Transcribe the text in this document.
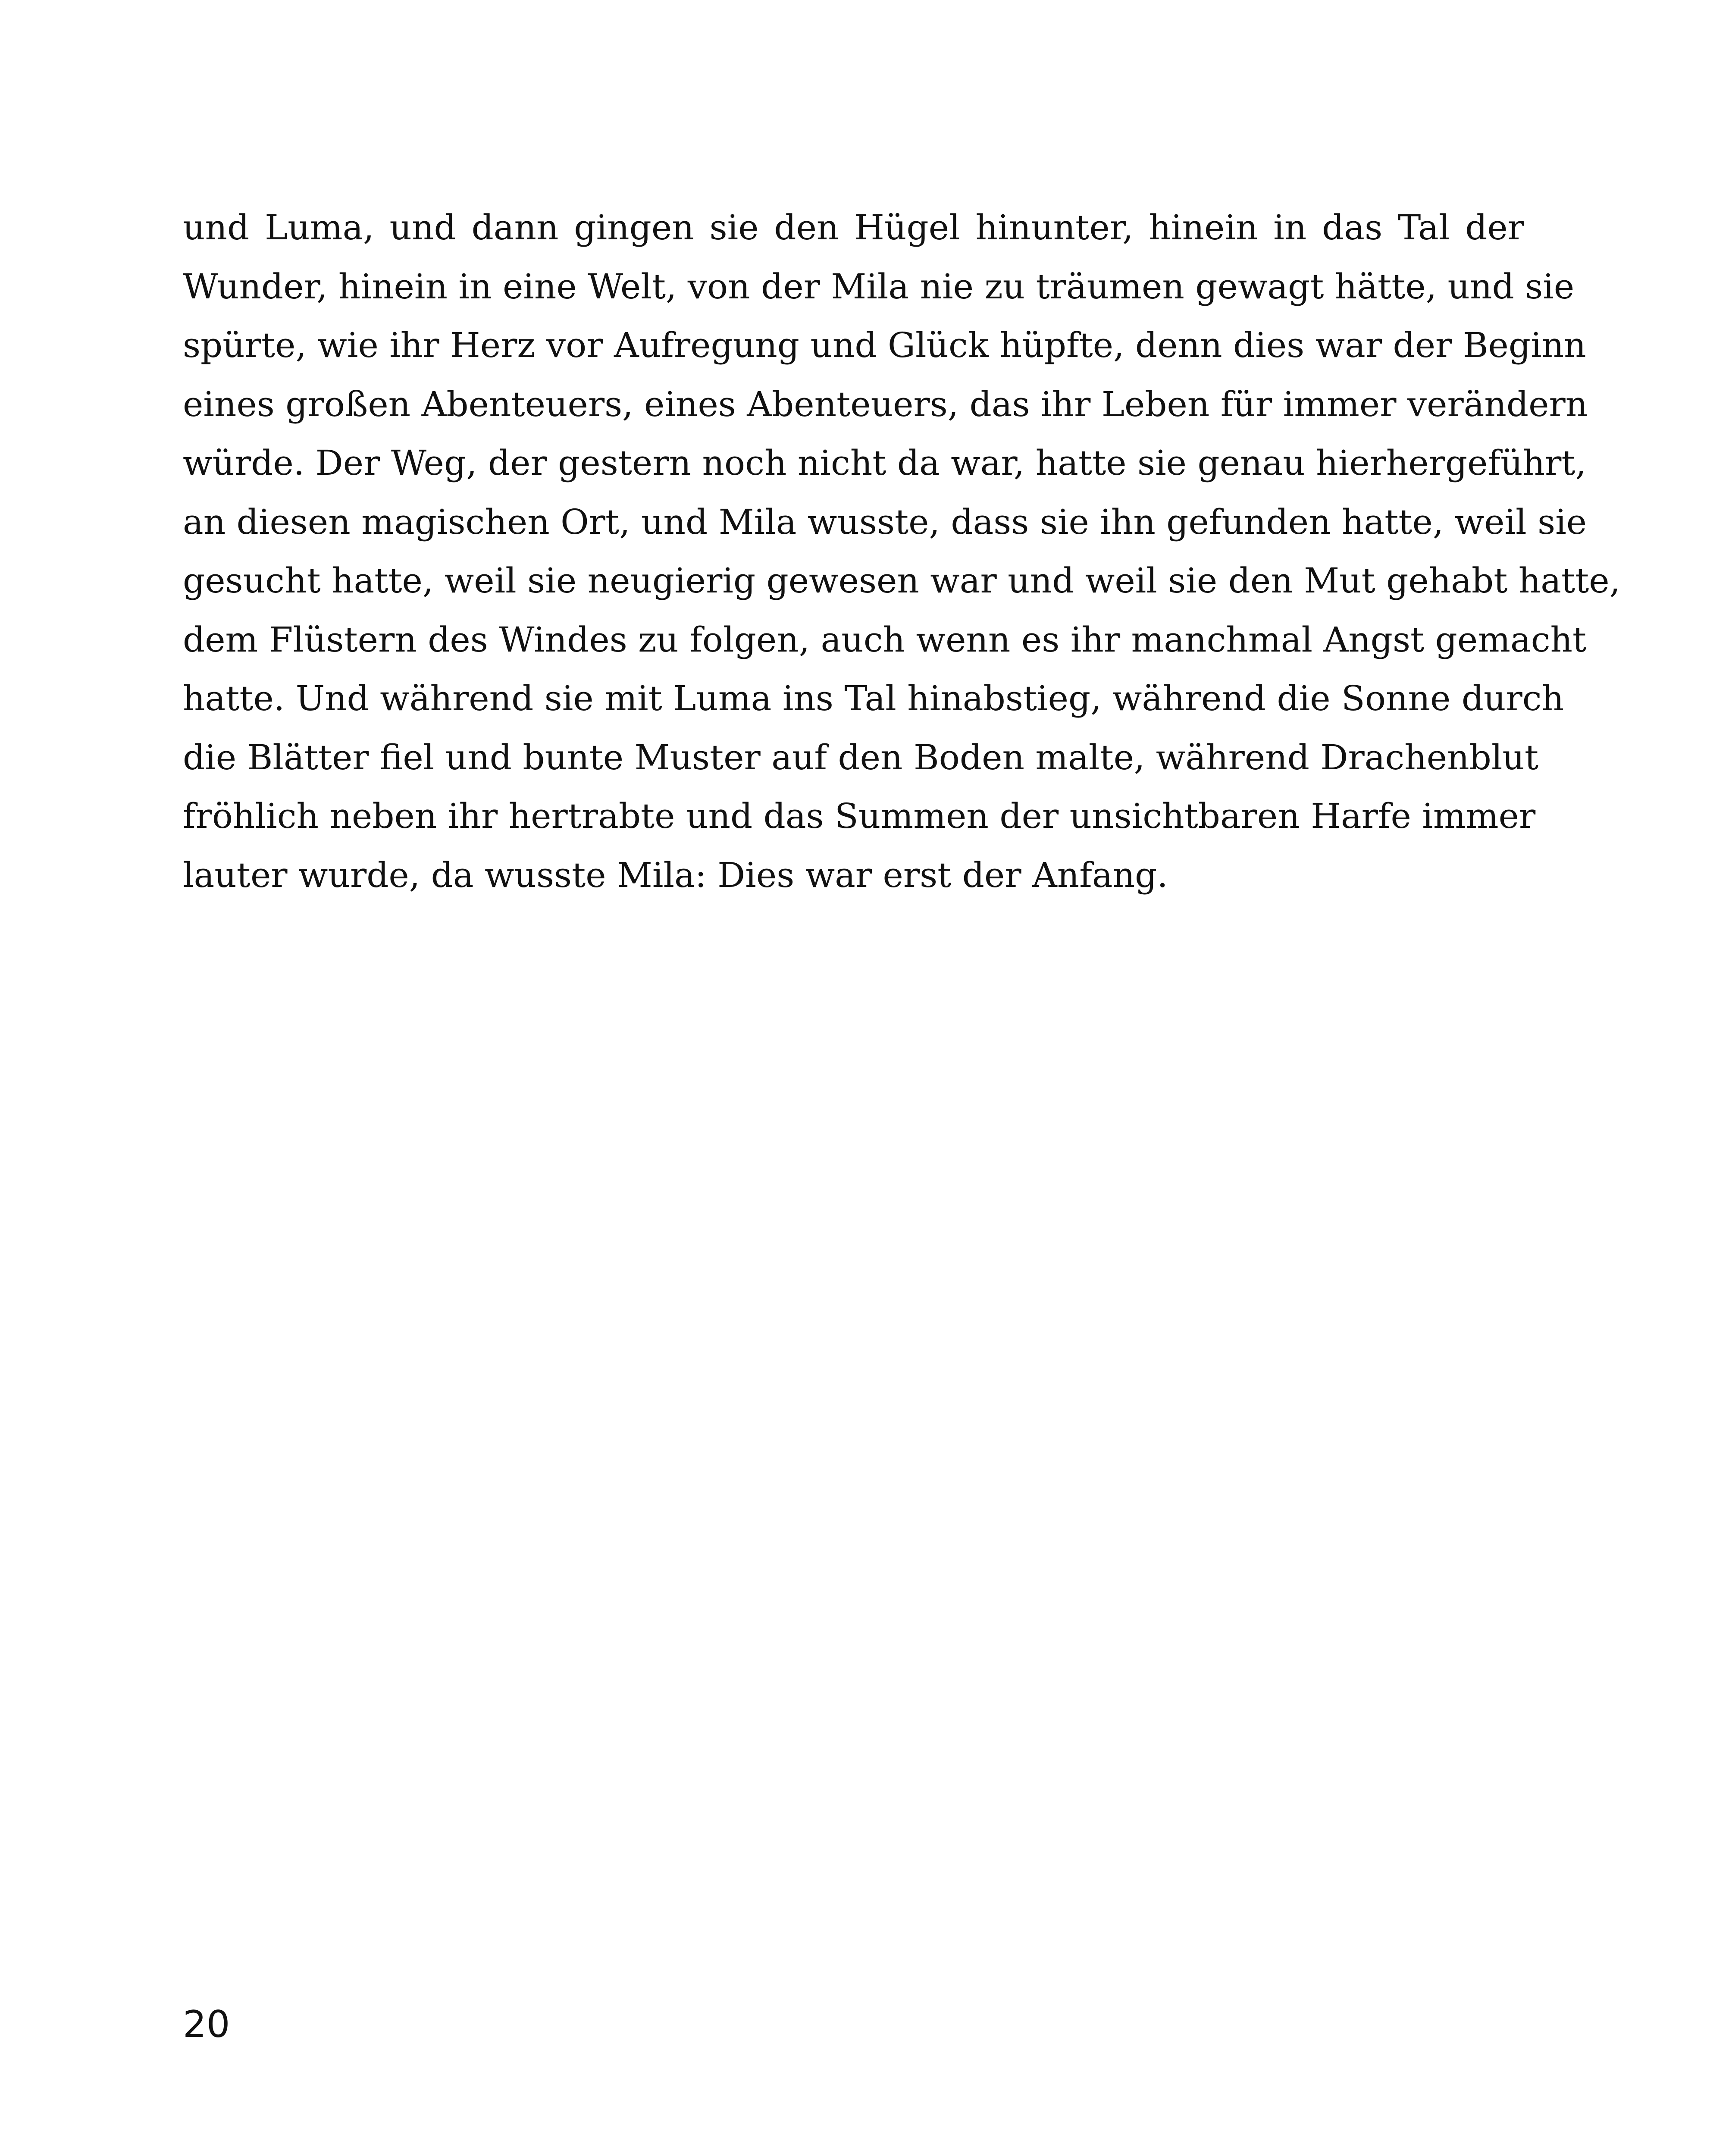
und Luma, und dann gingen sie den Hügel hinunter, hinein in das Tal der
Wunder, hinein in eine Welt, von der Mila nie zu träumen gewagt hätte, und sie
spürte, wie ihr Herz vor Aufregung und Glück hüpfte, denn dies war der Beginn
eines großen Abenteuers, eines Abenteuers, das ihr Leben für immer verändern
würde. Der Weg, der gestern noch nicht da war, hatte sie genau hierhergeführt,
an diesen magischen Ort, und Mila wusste, dass sie ihn gefunden hatte, weil sie
gesucht hatte, weil sie neugierig gewesen war und weil sie den Mut gehabt hatte,
dem Flüstern des Windes zu folgen, auch wenn es ihr manchmal Angst gemacht
hatte. Und während sie mit Luma ins Tal hinabstieg, während die Sonne durch
die Blätter fiel und bunte Muster auf den Boden malte, während Drachenblut
fröhlich neben ihr hertrabte und das Summen der unsichtbaren Harfe immer
lauter wurde, da wusste Mila: Dies war erst der Anfang.

20
